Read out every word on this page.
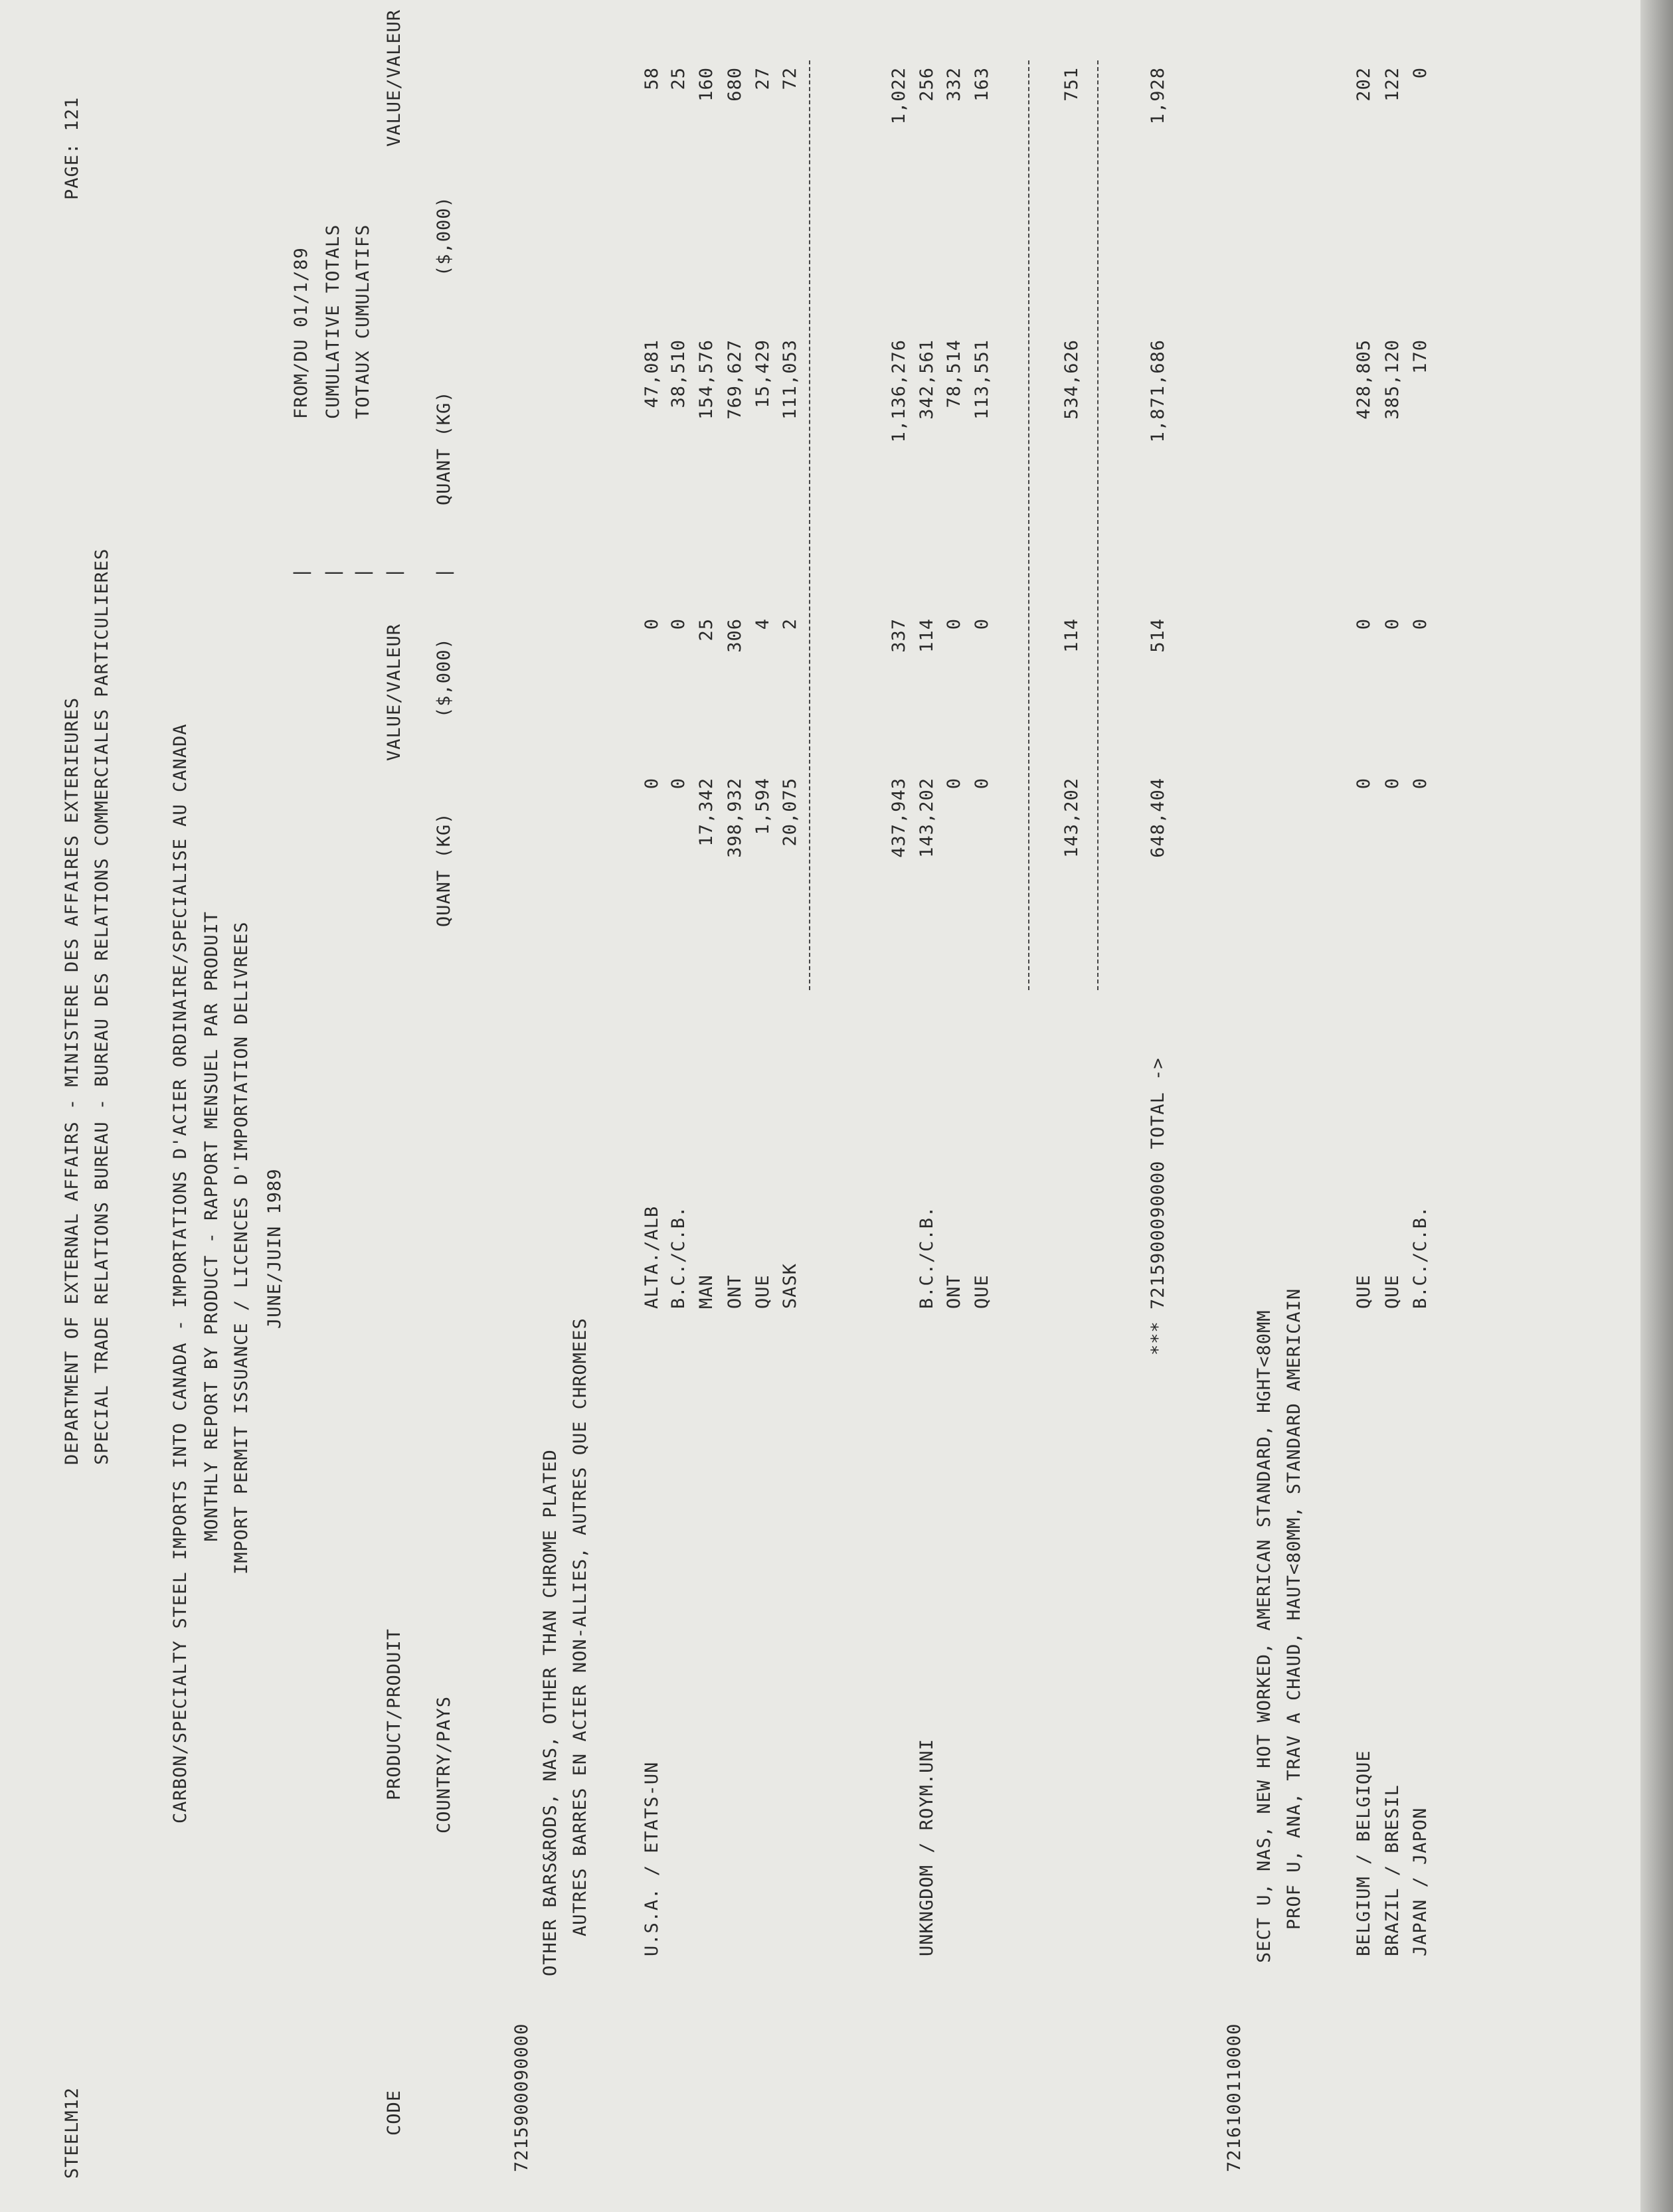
STEELM12
DEPARTMENT OF EXTERNAL AFFAIRS - MINISTERE DES AFFAIRES EXTERIEURES SPECIAL TRADE RELATIONS BUREAU - BUREAU DES RELATIONS COMMERCIALES PARTICULIERES
PAGE: 121
CARBON/SPECIALTY STEEL IMPORTS INTO CANADA - IMPORTATIONS D'ACIER ORDINAIRE/SPECIALISE AU CANADA MONTHLY REPORT BY PRODUCT - RAPPORT MENSUEL PAR PRODUIT IMPORT PERMIT ISSUANCE / LICENCES D'IMPORTATION DELIVREES JUNE/JUIN 1989
FROM/DU 01/1/89
|
CUMULATIVE TOTALS
|
TOTAUX CUMULATIFS
|
CODE
PRODUCT/PRODUIT
VALUE/VALEUR
|
VALUE/VALEUR
COUNTRY/PAYS
QUANT (KG)
($,000)
|
QUANT (KG)
($,000)
7215900090000
OTHER BARS&RODS, NAS, OTHER THAN CHROME PLATED AUTRES BARRES EN ACIER NON-ALLIES, AUTRES QUE CHROMEES	U.S.A. / ETATS-UN
ALTA./ALB
0
0
47,081
58
B.C./C.B.
0
0
38,510
25
MAN
17,342
25
154,576
160
ONT
398,932
306
769,627
680
QUE
1,594
4
15,429
27
SASK
20,075
2
111,053
72
437,943
337
1,136,276
1,022
UNKNGDOM / ROYM.UNI
B.C./C.B.
143,202
114
342,561
256
ONT
0
0
78,514
332
QUE
0
0
113,551
163
143,202
114
534,626
751
*** 7215900090000 TOTAL ->
648,404
514
1,871,686
1,928
7216100110000
SECT U, NAS, NEW HOT WORKED, AMERICAN STANDARD, HGHT<80MM PROF U, ANA, TRAV A CHAUD, HAUT<80MM, STANDARD AMERICAIN	BELGIUM / BELGIQUE
QUE
0
0
428,805
202
BRAZIL / BRESIL
QUE
0
0
385,120
122
JAPAN / JAPON
B.C./C.B.
0
0
170
0
